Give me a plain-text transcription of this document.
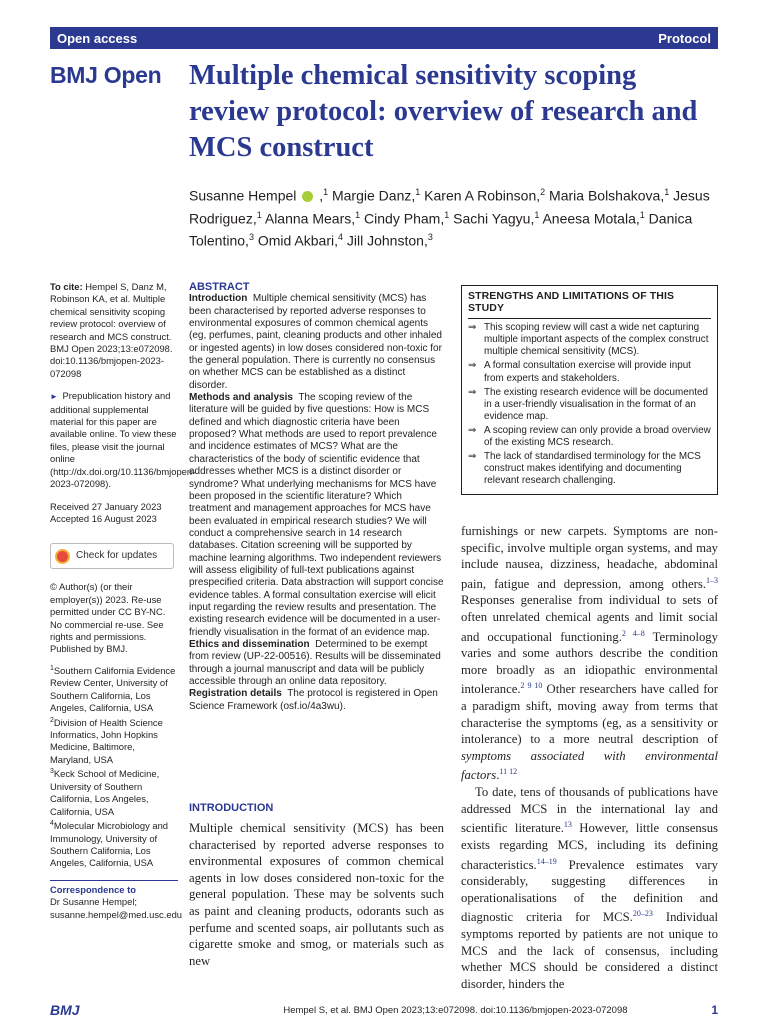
Open access	Protocol
BMJ Open Multiple chemical sensitivity scoping review protocol: overview of research and MCS construct
Susanne Hempel ,$^1$ Margie Danz,$^1$ Karen A Robinson,$^2$ Maria Bolshakova,$^1$ Jesus Rodriguez,$^1$ Alanna Mears,$^1$ Cindy Pham,$^1$ Sachi Yagyu,$^1$ Aneesa Motala,$^1$ Danica Tolentino,$^3$ Omid Akbari,$^4$ Jill Johnston,$^3$
To cite: Hempel S, Danz M, Robinson KA, et al. Multiple chemical sensitivity scoping review protocol: overview of research and MCS construct. BMJ Open 2023;13:e072098. doi:10.1136/bmjopen-2023-072098
► Prepublication history and additional supplemental material for this paper are available online. To view these files, please visit the journal online (http://dx.doi.org/10.1136/bmjopen-2023-072098).

Received 27 January 2023

Accepted 16 August 2023

Check for updates
© Author(s) (or their employer(s)) 2023. Re-use permitted under CC BY-NC. No commercial re-use. See rights and permissions. Published by BMJ.

$^1$Southern California Evidence Review Center, University of Southern California, Los Angeles, California, USA

$^2$Division of Health Science Informatics, John Hopkins Medicine, Baltimore, Maryland, USA

$^3$Keck School of Medicine, University of Southern California, Los Angeles, California, USA

$^4$Molecular Microbiology and Immunology, University of Southern California, Los Angeles, California, USA

Correspondence to

Dr Susanne Hempel;

susanne.hempel@med.usc.edu

ABSTRACT

Introduction Multiple chemical sensitivity (MCS) has been characterised by reported adverse responses to environmental exposures of common chemical agents (eg, perfumes, paint, cleaning products and other inhaled or ingested agents) in low doses considered non-toxic for the general population. There is currently no consensus on whether MCS can be established as a distinct disorder.

Methods and analysis The scoping review of the literature will be guided by five questions: How is MCS defined and which diagnostic criteria have been proposed? What methods are used to report prevalence and incidence estimates of MCS? What are the characteristics of the body of scientific evidence that addresses whether MCS is a distinct disorder or syndrome? What underlying mechanisms for MCS have been proposed in the scientific literature? Which treatment and management approaches for MCS have been evaluated in empirical research studies? We will conduct a comprehensive search in 14 research databases. Citation screening will be supported by machine learning algorithms. Two independent reviewers will assess eligibility of full-text publications against prespecified criteria. Data abstraction will support concise evidence tables. A formal consultation exercise will elicit input regarding the review results and presentation. The existing research evidence will be documented in a user-friendly visualisation in the format of an evidence map.

Ethics and dissemination Determined to be exempt from review (UP-22-00516). Results will be disseminated through a journal manuscript and data will be publicly accessible through an online data repository.

Registration details The protocol is registered in Open Science Framework (osf.io/4a3wu).

STRENGTHS AND LIMITATIONS OF THIS STUDY
⇒ This scoping review will cast a wide net capturing multiple important aspects of the complex construct multiple chemical sensitivity (MCS).
⇒ A formal consultation exercise will provide input from experts and stakeholders.
⇒ The existing research evidence will be documented in a user-friendly visualisation in the format of an evidence map.
⇒ A scoping review can only provide a broad overview of the existing MCS research.
⇒ The lack of standardised terminology for the MCS construct makes identifying and documenting relevant research challenging.

furnishings or new carpets. Symptoms are non-specific, involve multiple organ systems, and may include nausea, dizziness, headache, abdominal pain, fatigue and depression, among others.$^{1-3}$ Responses generalise from individual to sets of often unrelated chemical agents and limit social and occupational functioning.$^{2 4-8}$ Terminology varies and some authors describe the condition more broadly as an idiopathic environmental intolerance.$^{2 9 10}$ Other researchers have called for a paradigm shift, moving away from terms that characterise the symptoms (eg, as a sensitivity or intolerance) to a more neutral description of symptoms associated with environmental factors.$^{11 12}$

To date, tens of thousands of publications have addressed MCS in the international lay and scientific literature.$^{13}$ However, little consensus exists regarding MCS, including its defining characteristics.$^{14-19}$ Prevalence estimates vary considerably, suggesting differences in operationalisations of the definition and diagnostic criteria for MCS.$^{20-23}$ Individual symptoms reported by patients are not unique to MCS and the lack of consensus, including whether MCS should be considered a distinct disorder, hinders the

INTRODUCTION
Multiple chemical sensitivity (MCS) has been characterised by reported adverse responses to environmental exposures of common chemical agents in low doses considered non-toxic for the general population. These may be solvents such as paint and cleaning products, odorants such as perfume and scented soaps, air pollutants such as cigarette smoke and smog, or materials such as new
BMJ	Hempel S, et al. BMJ Open 2023;13:e072098. doi:10.1136/bmjopen-2023-072098	1
